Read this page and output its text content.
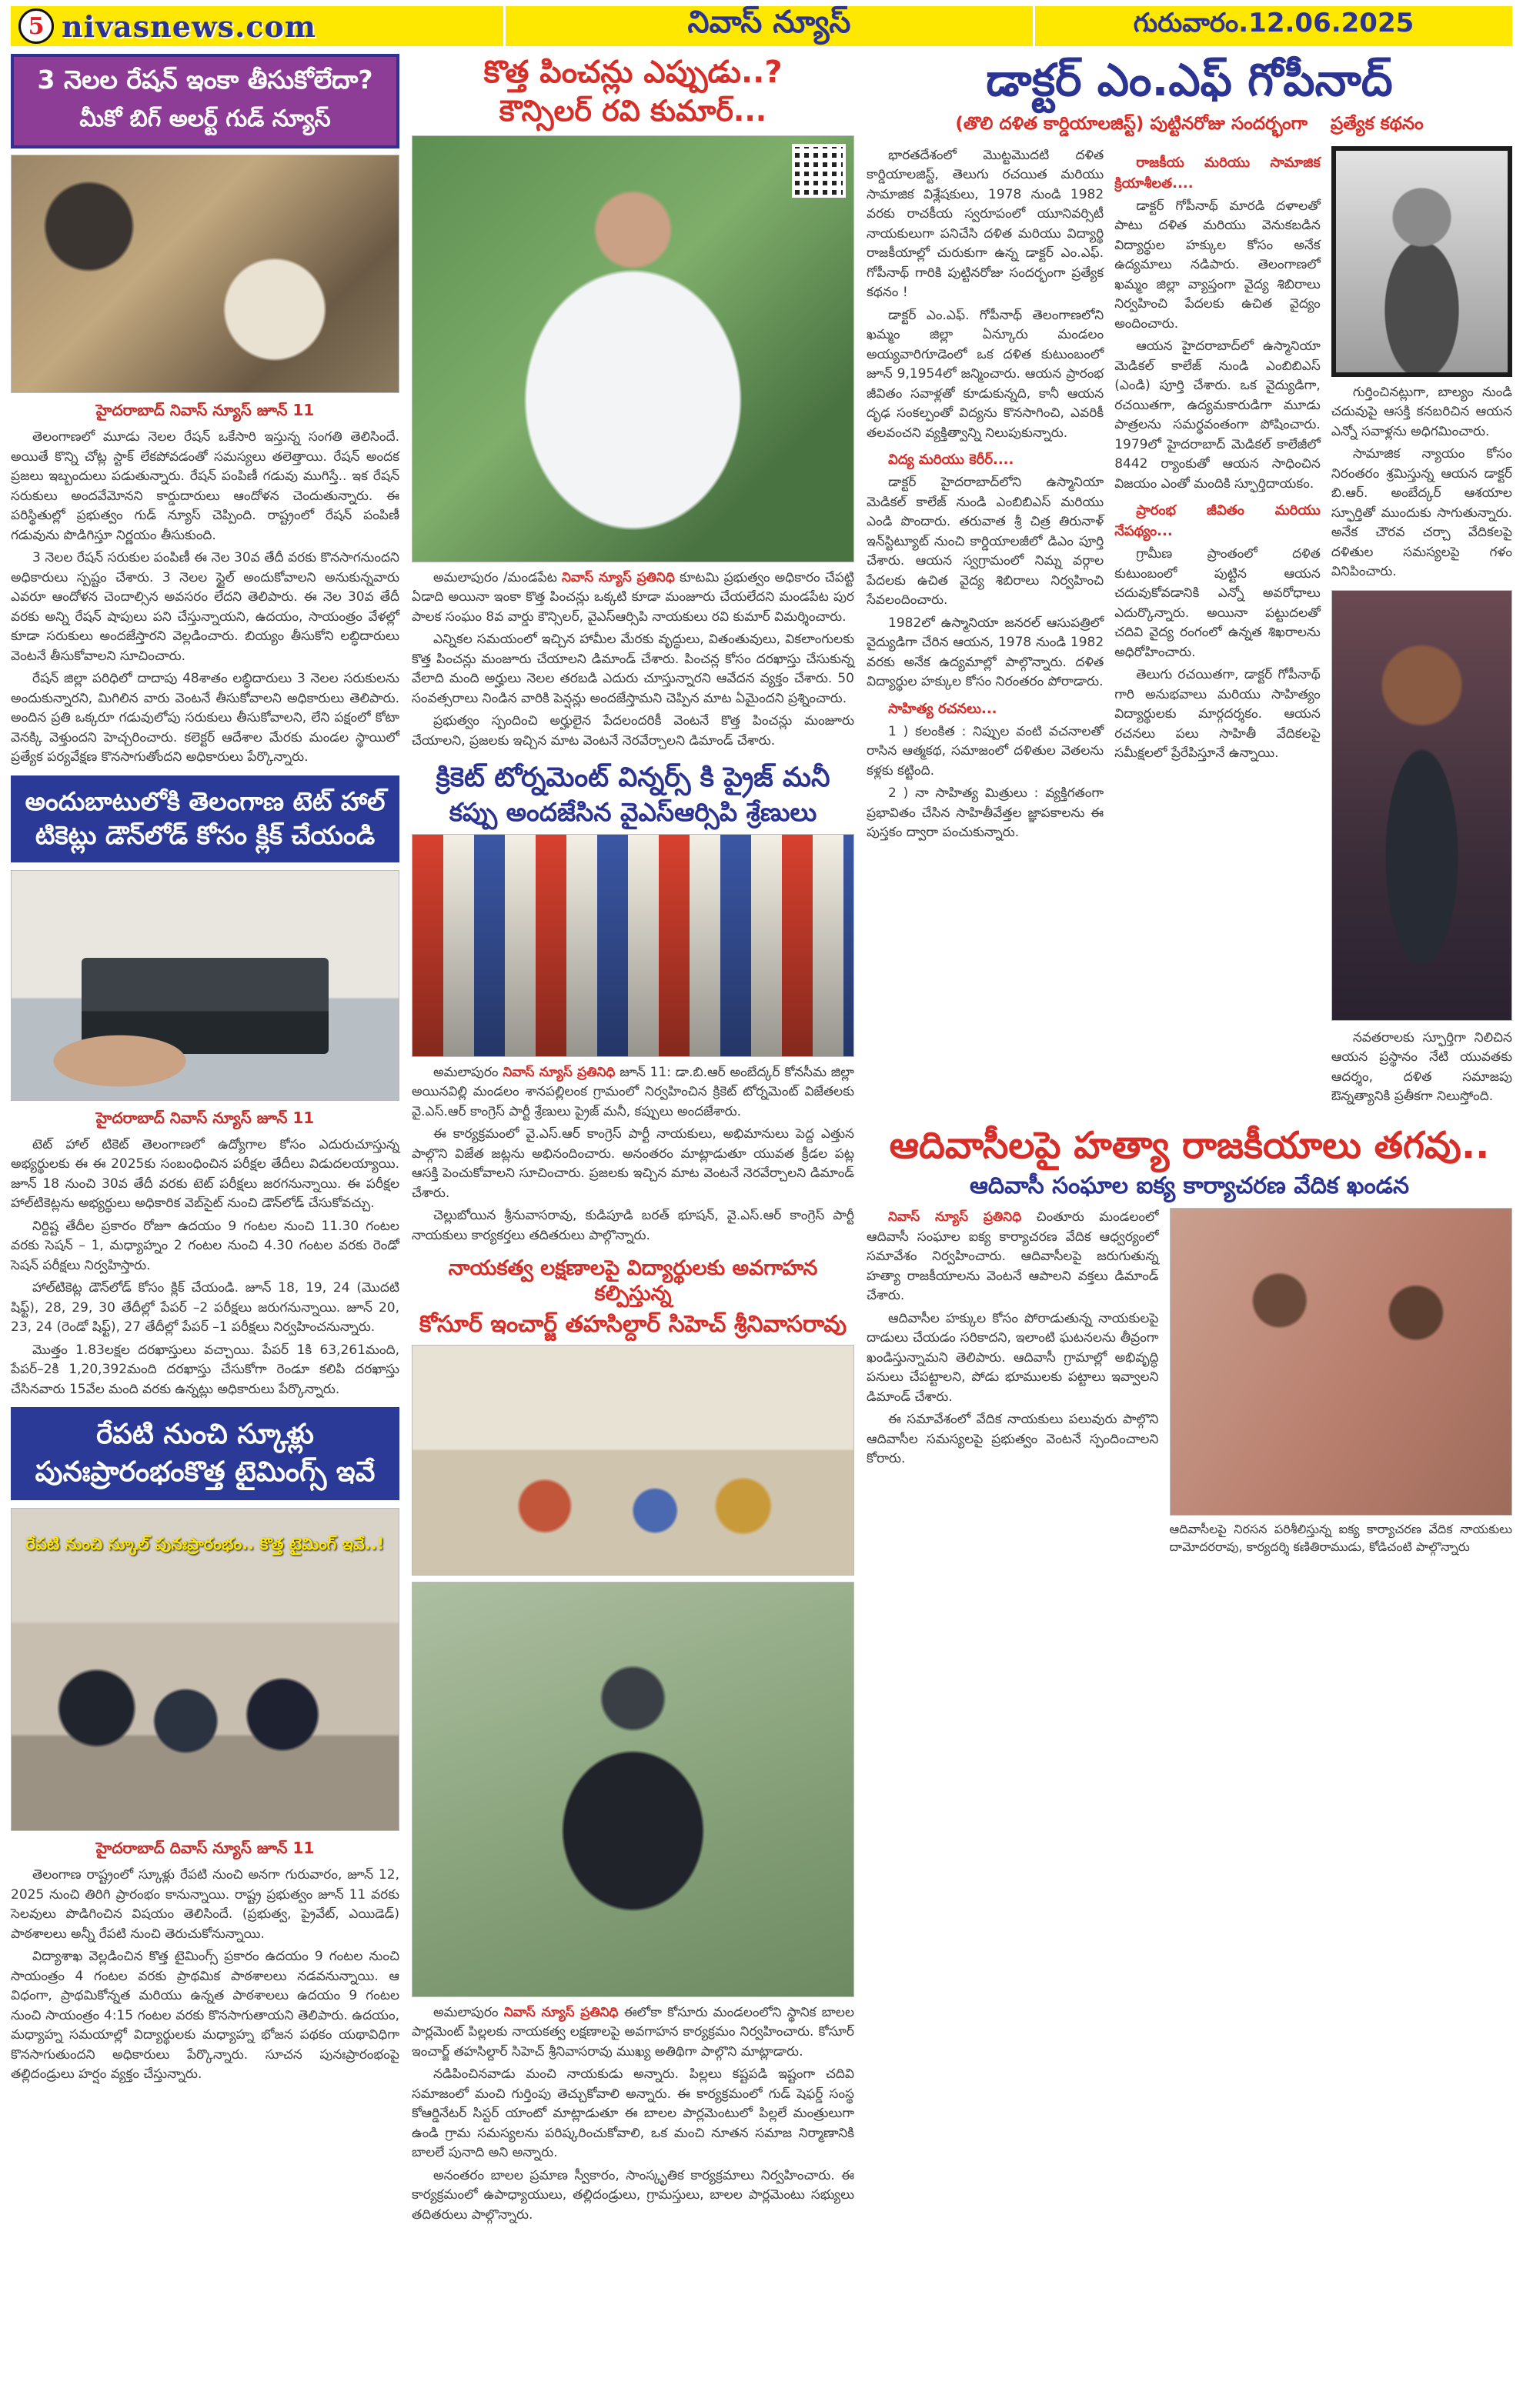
5 nivasnews.com	నివాస్ న్యూస్	గురువారం.12.06.2025
3 నెలల రేషన్ ఇంకా తీసుకోలేదా?
మీకో బిగ్ అలర్ట్ గుడ్ న్యూస్
హైదరాబాద్ నివాస్ న్యూస్ జూన్ 11

తెలంగాణలో మూడు నెలల రేషన్ ఒకేసారి ఇస్తున్న సంగతి తెలిసిందే. అయితే కొన్ని చోట్ల స్టాక్ లేకపోవడంతో సమస్యలు తలెత్తాయి. రేషన్ అందక ప్రజలు ఇబ్బందులు పడుతున్నారు. రేషన్ పంపిణీ గడువు ముగిస్తే.. ఇక రేషన్ సరుకులు అందవేమోనని కార్డుదారులు ఆందోళన చెందుతున్నారు. ఈ పరిస్థితుల్లో ప్రభుత్వం గుడ్ న్యూస్ చెప్పింది. రాష్ట్రంలో రేషన్ పంపిణీ గడువును పొడిగిస్తూ నిర్ణయం తీసుకుంది.

3 నెలల రేషన్ సరుకుల పంపిణీ ఈ నెల 30వ తేదీ వరకు కొనసాగనుందని అధికారులు స్పష్టం చేశారు. 3 నెలల స్టైల్ అందుకోవాలని అనుకున్నవారు ఎవరూ ఆందోళన చెందాల్సిన అవసరం లేదని తెలిపారు. ఈ నెల 30వ తేదీ వరకు అన్ని రేషన్ షాపులు పని చేస్తున్నాయని, ఉదయం, సాయంత్రం వేళల్లో కూడా సరుకులు అందజేస్తారని వెల్లడించారు. బియ్యం తీసుకోని లబ్ధిదారులు వెంటనే తీసుకోవాలని సూచించారు.

రేషన్ జిల్లా పరిధిలో దాదాపు 48శాతం లబ్ధిదారులు 3 నెలల సరుకులను అందుకున్నారని, మిగిలిన వారు వెంటనే తీసుకోవాలని అధికారులు తెలిపారు. అందిన ప్రతి ఒక్కరూ గడువులోపు సరుకులు తీసుకోవాలని, లేని పక్షంలో కోటా వెనక్కి వెళ్తుందని హెచ్చరించారు. కలెక్టర్ ఆదేశాల మేరకు మండల స్థాయిలో ప్రత్యేక పర్యవేక్షణ కొనసాగుతోందని అధికారులు పేర్కొన్నారు.

అందుబాటులోకి తెలంగాణ టెట్ హాల్
టికెట్లు డౌన్‌లోడ్ కోసం క్లిక్ చేయండి
హైదరాబాద్ నివాస్ న్యూస్ జూన్ 11

టెట్ హాల్ టికెట్ తెలంగాణలో ఉద్యోగాల కోసం ఎదురుచూస్తున్న అభ్యర్థులకు ఈ ఈ 2025కు సంబంధించిన పరీక్షల తేదీలు విడుదలయ్యాయి. జూన్ 18 నుంచి 30వ తేదీ వరకు టెట్ పరీక్షలు జరగనున్నాయి. ఈ పరీక్షల హాల్‌టికెట్లను అభ్యర్థులు అధికారిక వెబ్‌సైట్ నుంచి డౌన్‌లోడ్ చేసుకోవచ్చు.

నిర్దిష్ట తేదీల ప్రకారం రోజూ ఉదయం 9 గంటల నుంచి 11.30 గంటల వరకు సెషన్ – 1, మధ్యాహ్నం 2 గంటల నుంచి 4.30 గంటల వరకు రెండో సెషన్ పరీక్షలు నిర్వహిస్తారు.

హాల్‌టికెట్ల డౌన్‌లోడ్ కోసం క్లిక్ చేయండి. జూన్ 18, 19, 24 (మొదటి షిఫ్ట్), 28, 29, 30 తేదీల్లో పేపర్ –2 పరీక్షలు జరుగనున్నాయి. జూన్ 20, 23, 24 (రెండో షిఫ్ట్), 27 తేదీల్లో పేపర్ –1 పరీక్షలు నిర్వహించనున్నారు.

మొత్తం 1.83లక్షల దరఖాస్తులు వచ్చాయి. పేపర్ 1కి 63,261మంది, పేపర్–2కి 1,20,392మంది దరఖాస్తు చేసుకోగా రెండూ కలిపి దరఖాస్తు చేసినవారు 15వేల మంది వరకు ఉన్నట్లు అధికారులు పేర్కొన్నారు.

రేపటి నుంచి స్కూళ్లు
పునఃప్రారంభంకొత్త టైమింగ్స్ ఇవే
రేపటి నుంచి స్కూల్ పునఃప్రారంభం.. కొత్త టైమింగ్ ఇవే..!
హైదరాబాద్ దివాస్ న్యూస్ జూన్ 11

తెలంగాణ రాష్ట్రంలో స్కూళ్లు రేపటి నుంచి అనగా గురువారం, జూన్ 12, 2025 నుంచి తిరిగి ప్రారంభం కానున్నాయి. రాష్ట్ర ప్రభుత్వం జూన్ 11 వరకు సెలవులు పొడిగించిన విషయం తెలిసిందే. (ప్రభుత్వ, ప్రైవేట్, ఎయిడెడ్) పాఠశాలలు అన్నీ రేపటి నుంచి తెరుచుకోనున్నాయి.

విద్యాశాఖ వెల్లడించిన కొత్త టైమింగ్స్ ప్రకారం ఉదయం 9 గంటల నుంచి సాయంత్రం 4 గంటల వరకు ప్రాథమిక పాఠశాలలు నడవనున్నాయి. ఆ విధంగా, ప్రాథమికోన్నత మరియు ఉన్నత పాఠశాలలు ఉదయం 9 గంటల నుంచి సాయంత్రం 4:15 గంటల వరకు కొనసాగుతాయని తెలిపారు. ఉదయం, మధ్యాహ్న సమయాల్లో విద్యార్థులకు మధ్యాహ్న భోజన పథకం యథావిధిగా కొనసాగుతుందని అధికారులు పేర్కొన్నారు. సూచన పునఃప్రారంభంపై తల్లిదండ్రులు హర్షం వ్యక్తం చేస్తున్నారు.

కొత్త పించన్లు ఎప్పుడు..?
కౌన్సిలర్ రవి కుమార్...

అమలాపురం /మండపేట నివాస్ న్యూస్ ప్రతినిధి కూటమి ప్రభుత్వం అధికారం చేపట్టి ఏడాది అయినా ఇంకా కొత్త పించన్లు ఒక్కటి కూడా మంజూరు చేయలేదని మండపేట పుర పాలక సంఘం 8వ వార్డు కౌన్సిలర్, వైఎస్ఆర్సిపి నాయకులు రవి కుమార్ విమర్శించారు.

ఎన్నికల సమయంలో ఇచ్చిన హామీల మేరకు వృద్ధులు, వితంతువులు, వికలాంగులకు కొత్త పించన్లు మంజూరు చేయాలని డిమాండ్ చేశారు. పించన్ల కోసం దరఖాస్తు చేసుకున్న వేలాది మంది అర్హులు నెలల తరబడి ఎదురు చూస్తున్నారని ఆవేదన వ్యక్తం చేశారు. 50 సంవత్సరాలు నిండిన వారికి పెన్షన్లు అందజేస్తామని చెప్పిన మాట ఏమైందని ప్రశ్నించారు.

ప్రభుత్వం స్పందించి అర్హులైన పేదలందరికీ వెంటనే కొత్త పించన్లు మంజూరు చేయాలని, ప్రజలకు ఇచ్చిన మాట వెంటనే నెరవేర్చాలని డిమాండ్ చేశారు.

క్రికెట్ టోర్నమెంట్ విన్నర్స్ కి ప్రైజ్ మనీ
కప్పు అందజేసిన వైఎస్ఆర్సిపి శ్రేణులు

అమలాపురం నివాస్ న్యూస్ ప్రతినిధి జూన్ 11: డా.బి.ఆర్ అంబేద్కర్ కోనసీమ జిల్లా అయినవిల్లి మండలం శానపల్లిలంక గ్రామంలో నిర్వహించిన క్రికెట్ టోర్నమెంట్ విజేతలకు వై.ఎస్.ఆర్ కాంగ్రెస్ పార్టీ శ్రేణులు ప్రైజ్ మనీ, కప్పులు అందజేశారు.

ఈ కార్యక్రమంలో వై.ఎస్.ఆర్ కాంగ్రెస్ పార్టీ నాయకులు, అభిమానులు పెద్ద ఎత్తున పాల్గొని విజేత జట్లను అభినందించారు. అనంతరం మాట్లాడుతూ యువత క్రీడల పట్ల ఆసక్తి పెంచుకోవాలని సూచించారు. ప్రజలకు ఇచ్చిన మాట వెంటనే నెరవేర్చాలని డిమాండ్ చేశారు.

చెల్లుబోయిన శ్రీనువాసరావు, కుడిపూడి బరత్ భూషన్, వై.ఎస్.ఆర్ కాంగ్రెస్ పార్టీ నాయకులు కార్యకర్తలు తదితరులు పాల్గొన్నారు.

నాయకత్వ లక్షణాలపై విద్యార్థులకు అవగాహన కల్పిస్తున్న
కోసూర్ ఇంచార్జ్ తహసిల్దార్ సిహెచ్ శ్రీనివాసరావు

అమలాపురం నివాస్ న్యూస్ ప్రతినిధి ఈలోకా కోసూరు మండలంలోని స్థానిక బాలల పార్లమెంట్ పిల్లలకు నాయకత్వ లక్షణాలపై అవగాహన కార్యక్రమం నిర్వహించారు. కోసూర్ ఇంచార్జ్ తహసిల్దార్ సిహెచ్ శ్రీనివాసరావు ముఖ్య అతిథిగా పాల్గొని మాట్లాడారు.

నడిపించినవాడు మంచి నాయకుడు అన్నారు. పిల్లలు కష్టపడి ఇష్టంగా చదివి సమాజంలో మంచి గుర్తింపు తెచ్చుకోవాలి అన్నారు. ఈ కార్యక్రమంలో గుడ్ షెఫర్డ్ సంస్థ కోఆర్డినేటర్ సిస్టర్ యాంటో మాట్లాడుతూ ఈ బాలల పార్లమెంటులో పిల్లలే మంత్రులుగా ఉండి గ్రామ సమస్యలను పరిష్కరించుకోవాలి, ఒక మంచి నూతన సమాజ నిర్మాణానికి బాలలే పునాది అని అన్నారు.

అనంతరం బాలల ప్రమాణ స్వీకారం, సాంస్కృతిక కార్యక్రమాలు నిర్వహించారు. ఈ కార్యక్రమంలో ఉపాధ్యాయులు, తల్లిదండ్రులు, గ్రామస్తులు, బాలల పార్లమెంటు సభ్యులు తదితరులు పాల్గొన్నారు.

డాక్టర్ ఎం.ఎఫ్ గోపీనాద్
(తొలి దళిత కార్డియాలజిస్ట్) పుట్టినరోజు సందర్భంగా ప్రత్యేక కథనం

భారతదేశంలో మొట్టమొదటి దళిత కార్డియాలజిస్ట్, తెలుగు రచయిత మరియు సామాజిక విశ్లేషకులు, 1978 నుండి 1982 వరకు రాచకీయ స్వరూపంలో యూనివర్సిటీ నాయకులుగా పనిచేసి దళిత మరియు విద్యార్థి రాజకీయాల్లో చురుకుగా ఉన్న డాక్టర్ ఎం.ఎఫ్. గోపీనాథ్ గారికి పుట్టినరోజు సందర్భంగా ప్రత్యేక కథనం !

డాక్టర్ ఎం.ఎఫ్. గోపీనాథ్ తెలంగాణలోని ఖమ్మం జిల్లా ఏన్కూరు మండలం అయ్యవారిగూడెంలో ఒక దళిత కుటుంబంలో జూన్ 9,1954లో జన్మించారు. ఆయన ప్రారంభ జీవితం సవాళ్లతో కూడుకున్నది, కానీ ఆయన దృఢ సంకల్పంతో విద్యను కొనసాగించి, ఎవరికీ తలవంచని వ్యక్తిత్వాన్ని నిలుపుకున్నారు.

విద్య మరియు కెరీర్....

డాక్టర్ హైదరాబాద్‌లోని ఉస్మానియా మెడికల్ కాలేజ్ నుండి ఎంబిబిఎస్ మరియు ఎండి పొందారు. తరువాత శ్రీ చిత్ర తిరునాళ్ ఇన్‌స్టిట్యూట్ నుంచి కార్డియాలజీలో డిఎం పూర్తి చేశారు. ఆయన స్వగ్రామంలో నిమ్న వర్గాల పేదలకు ఉచిత వైద్య శిబిరాలు నిర్వహించి సేవలందించారు.

1982లో ఉస్మానియా జనరల్ ఆసుపత్రిలో వైద్యుడిగా చేరిన ఆయన, 1978 నుండి 1982 వరకు అనేక ఉద్యమాల్లో పాల్గొన్నారు. దళిత విద్యార్థుల హక్కుల కోసం నిరంతరం పోరాడారు.

సాహిత్య రచనలు...

1 ) కలంకిత : నిప్పుల వంటి వచనాలతో రాసిన ఆత్మకథ, సమాజంలో దళితుల వెతలను కళ్లకు కట్టింది.

2 ) నా సాహిత్య మిత్రులు : వ్యక్తిగతంగా ప్రభావితం చేసిన సాహితీవేత్తల జ్ఞాపకాలను ఈ పుస్తకం ద్వారా పంచుకున్నారు.

రాజకీయ మరియు సామాజిక క్రియాశీలత....

డాక్టర్ గోపీనాథ్ మారడి దళాలతో పాటు దళిత మరియు వెనుకబడిన విద్యార్థుల హక్కుల కోసం అనేక ఉద్యమాలు నడిపారు. తెలంగాణలో ఖమ్మం జిల్లా వ్యాప్తంగా వైద్య శిబిరాలు నిర్వహించి పేదలకు ఉచిత వైద్యం అందించారు.

ఆయన హైదరాబాద్‌లో ఉస్మానియా మెడికల్ కాలేజ్ నుండి ఎంబిబిఎస్ (ఎండి) పూర్తి చేశారు. ఒక వైద్యుడిగా, రచయితగా, ఉద్యమకారుడిగా మూడు పాత్రలను సమర్థవంతంగా పోషించారు. 1979లో హైదరాబాద్ మెడికల్ కాలేజీలో 8442 ర్యాంకుతో ఆయన సాధించిన విజయం ఎంతో మందికి స్ఫూర్తిదాయకం.

ప్రారంభ జీవితం మరియు నేపథ్యం...

గ్రామీణ ప్రాంతంలో దళిత కుటుంబంలో పుట్టిన ఆయన చదువుకోవడానికి ఎన్నో అవరోధాలు ఎదుర్కొన్నారు. అయినా పట్టుదలతో చదివి వైద్య రంగంలో ఉన్నత శిఖరాలను అధిరోహించారు.

తెలుగు రచయితగా, డాక్టర్ గోపీనాథ్ గారి అనుభవాలు మరియు సాహిత్యం విద్యార్థులకు మార్గదర్శకం. ఆయన రచనలు పలు సాహితీ వేదికలపై సమీక్షలలో ప్రేరేపిస్తూనే ఉన్నాయి.

గుర్తించినట్లుగా, బాల్యం నుండి చదువుపై ఆసక్తి కనబరిచిన ఆయన ఎన్నో సవాళ్లను అధిగమించారు.

సామాజిక న్యాయం కోసం నిరంతరం శ్రమిస్తున్న ఆయన డాక్టర్ బి.ఆర్. అంబేద్కర్ ఆశయాల స్ఫూర్తితో ముందుకు సాగుతున్నారు. అనేక చౌరవ చర్చా వేదికలపై దళితుల సమస్యలపై గళం వినిపించారు.

నవతరాలకు స్ఫూర్తిగా నిలిచిన ఆయన ప్రస్థానం నేటి యువతకు ఆదర్శం, దళిత సమాజపు ఔన్నత్యానికి ప్రతీకగా నిలుస్తోంది.

ఆదివాసీలపై హత్యా రాజకీయాలు తగవు..
ఆదివాసీ సంఘాల ఐక్య కార్యాచరణ వేదిక ఖండన

నివాస్ న్యూస్ ప్రతినిధి చింతూరు మండలంలో ఆదివాసీ సంఘాల ఐక్య కార్యాచరణ వేదిక ఆధ్వర్యంలో సమావేశం నిర్వహించారు. ఆదివాసీలపై జరుగుతున్న హత్యా రాజకీయాలను వెంటనే ఆపాలని వక్తలు డిమాండ్ చేశారు.

ఆదివాసీల హక్కుల కోసం పోరాడుతున్న నాయకులపై దాడులు చేయడం సరికాదని, ఇలాంటి ఘటనలను తీవ్రంగా ఖండిస్తున్నామని తెలిపారు. ఆదివాసీ గ్రామాల్లో అభివృద్ధి పనులు చేపట్టాలని, పోడు భూములకు పట్టాలు ఇవ్వాలని డిమాండ్ చేశారు.

ఈ సమావేశంలో వేదిక నాయకులు పలువురు పాల్గొని ఆదివాసీల సమస్యలపై ప్రభుత్వం వెంటనే స్పందించాలని కోరారు.

ఆదివాసీలపై నిరసన పరిశీలిస్తున్న ఐక్య కార్యాచరణ వేదిక నాయకులు దామోదరరావు, కార్యదర్శి కణితిరాముడు, కోడిచంటి పాల్గొన్నారు
